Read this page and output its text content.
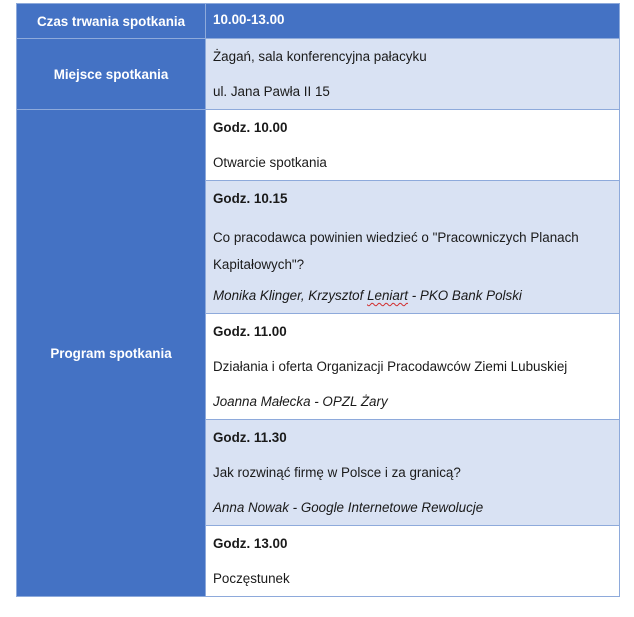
Czas trwania spotkania	10.00-13.00

Miejsce spotkania	Żagań, sala konferencyjna pałacyku
ul. Jana Pawła II 15

Program spotkania	Godz. 10.00
Otwarcie spotkania

	Godz. 10.15
Co pracodawca powinien wiedzieć o "Pracowniczych Planach
Kapitałowych"?
Monika Klinger, Krzysztof Leniart - PKO Bank Polski

	Godz. 11.00
Działania i oferta Organizacji Pracodawców Ziemi Lubuskiej
Joanna Małecka - OPZL Żary

	Godz. 11.30
Jak rozwinąć firmę w Polsce i za granicą?
Anna Nowak - Google Internetowe Rewolucje

	Godz. 13.00
Poczęstunek
